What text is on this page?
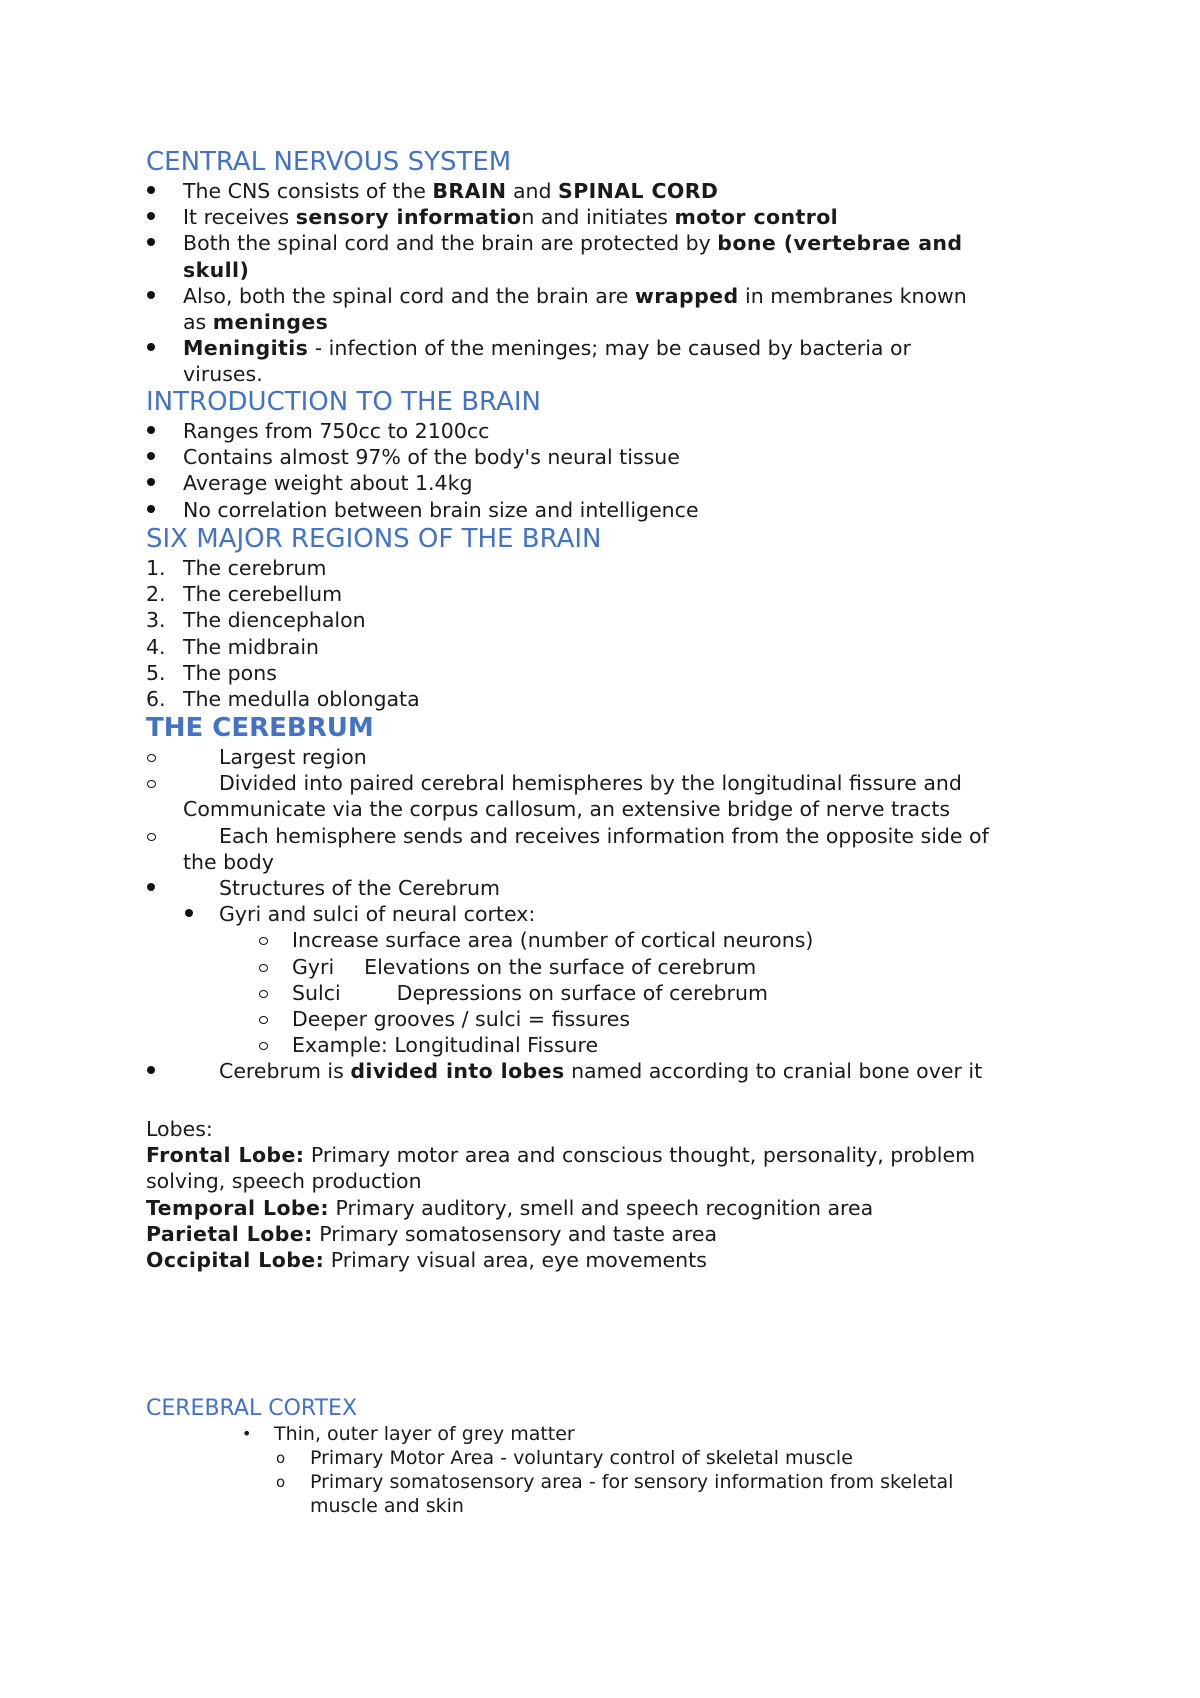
CENTRAL NERVOUS SYSTEM
The CNS consists of the BRAIN and SPINAL CORD
It receives sensory information and initiates motor control
Both the spinal cord and the brain are protected by bone (vertebrae and
skull)
Also, both the spinal cord and the brain are wrapped in membranes known
as meninges
Meningitis - infection of the meninges; may be caused by bacteria or
viruses.
INTRODUCTION TO THE BRAIN
Ranges from 750cc to 2100cc
Contains almost 97% of the body's neural tissue
Average weight about 1.4kg
No correlation between brain size and intelligence
SIX MAJOR REGIONS OF THE BRAIN
1. The cerebrum
2. The cerebellum
3. The diencephalon
4. The midbrain
5. The pons
6. The medulla oblongata
THE CEREBRUM
Largest region
Divided into paired cerebral hemispheres by the longitudinal fissure and
Communicate via the corpus callosum, an extensive bridge of nerve tracts
Each hemisphere sends and receives information from the opposite side of
the body
Structures of the Cerebrum
Gyri and sulci of neural cortex:
Increase surface area (number of cortical neurons)
Gyri Elevations on the surface of cerebrum
Sulci	Depressions on surface of cerebrum
Deeper grooves / sulci = fissures
Example: Longitudinal Fissure
Cerebrum is divided into lobes named according to cranial bone over it
Lobes:
Frontal Lobe: Primary motor area and conscious thought, personality, problem
solving, speech production
Temporal Lobe: Primary auditory, smell and speech recognition area
Parietal Lobe: Primary somatosensory and taste area
Occipital Lobe: Primary visual area, eye movements
CEREBRAL CORTEX
•	Thin, outer layer of grey matter
o	Primary Motor Area - voluntary control of skeletal muscle
o	Primary somatosensory area - for sensory information from skeletal
muscle and skin
